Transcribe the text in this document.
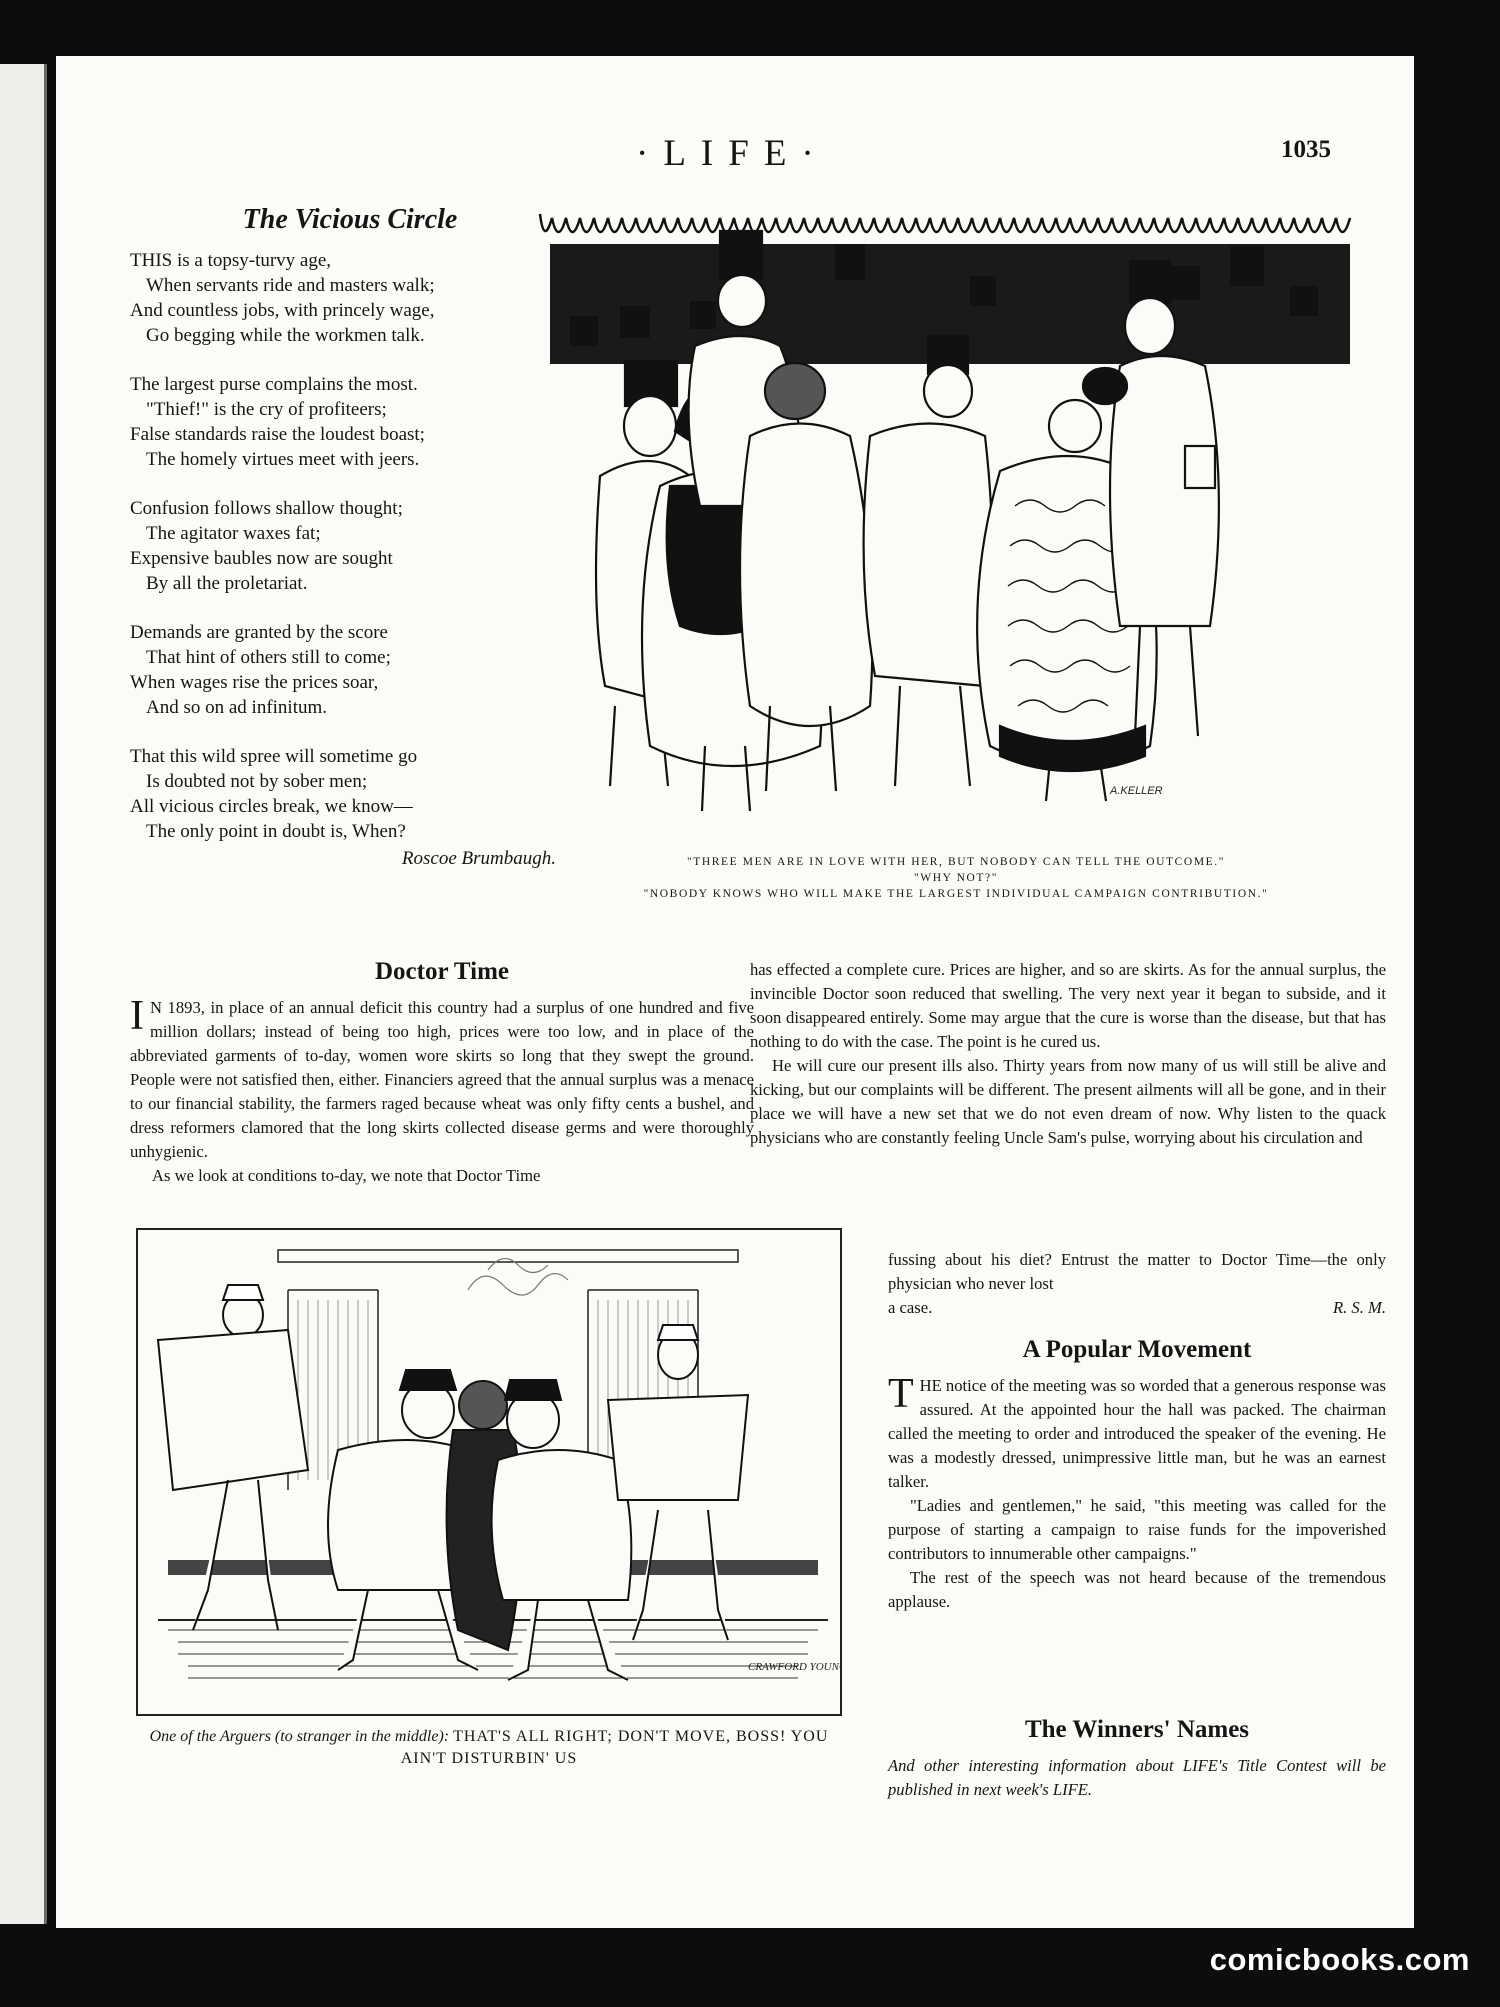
·LIFE·	1035
The Vicious Circle
THIS is a topsy-turvy age,
When servants ride and masters walk;
And countless jobs, with princely wage,
Go begging while the workmen talk.
The largest purse complains the most.
"Thief!" is the cry of profiteers;
False standards raise the loudest boast;
The homely virtues meet with jeers.
Confusion follows shallow thought;
The agitator waxes fat;
Expensive baubles now are sought
By all the proletariat.
Demands are granted by the score
That hint of others still to come;
When wages rise the prices soar,
And so on ad infinitum.
That this wild spree will sometime go
Is doubted not by sober men;
All vicious circles break, we know—
The only point in doubt is, When?
Roscoe Brumbaugh.
A.KELLER
"THREE MEN ARE IN LOVE WITH HER, BUT NOBODY CAN TELL THE OUTCOME."
"WHY NOT?"
"NOBODY KNOWS WHO WILL MAKE THE LARGEST INDIVIDUAL CAMPAIGN CONTRIBUTION."
Doctor Time

I N 1893, in place of an annual deficit this country had a surplus of one hundred and five million dollars; instead of being too high, prices were too low, and in place of the abbreviated garments of to-day, women wore skirts so long that they swept the ground. People were not satisfied then, either. Financiers agreed that the annual surplus was a menace to our financial stability, the farmers raged because wheat was only fifty cents a bushel, and dress reformers clamored that the long skirts collected disease germs and were thoroughly unhygienic.

As we look at conditions to-day, we note that Doctor Time

has effected a complete cure. Prices are higher, and so are skirts. As for the annual surplus, the invincible Doctor soon reduced that swelling. The very next year it began to subside, and it soon disappeared entirely. Some may argue that the cure is worse than the disease, but that has nothing to do with the case. The point is he cured us.

He will cure our present ills also. Thirty years from now many of us will still be alive and kicking, but our complaints will be different. The present ailments will all be gone, and in their place we will have a new set that we do not even dream of now. Why listen to the quack physicians who are constantly feeling Uncle Sam's pulse, worrying about his circulation and

fussing about his diet? Entrust the matter to Doctor Time—the only physician who never lost

a case.	R. S. M.
CRAWFORD YOUNG
One of the Arguers (to stranger in the middle): THAT'S ALL RIGHT; DON'T MOVE, BOSS! YOU AIN'T DISTURBIN' US
A Popular Movement

THE notice of the meeting was so worded that a generous response was assured. At the appointed hour the hall was packed. The chairman called the meeting to order and introduced the speaker of the evening. He was a modestly dressed, unimpressive little man, but he was an earnest talker.

"Ladies and gentlemen," he said, "this meeting was called for the purpose of starting a campaign to raise funds for the impoverished contributors to innumerable other campaigns."

The rest of the speech was not heard because of the tremendous applause.

The Winners' Names

And other interesting information about LIFE's Title Contest will be published in next week's LIFE.

comicbooks.com
